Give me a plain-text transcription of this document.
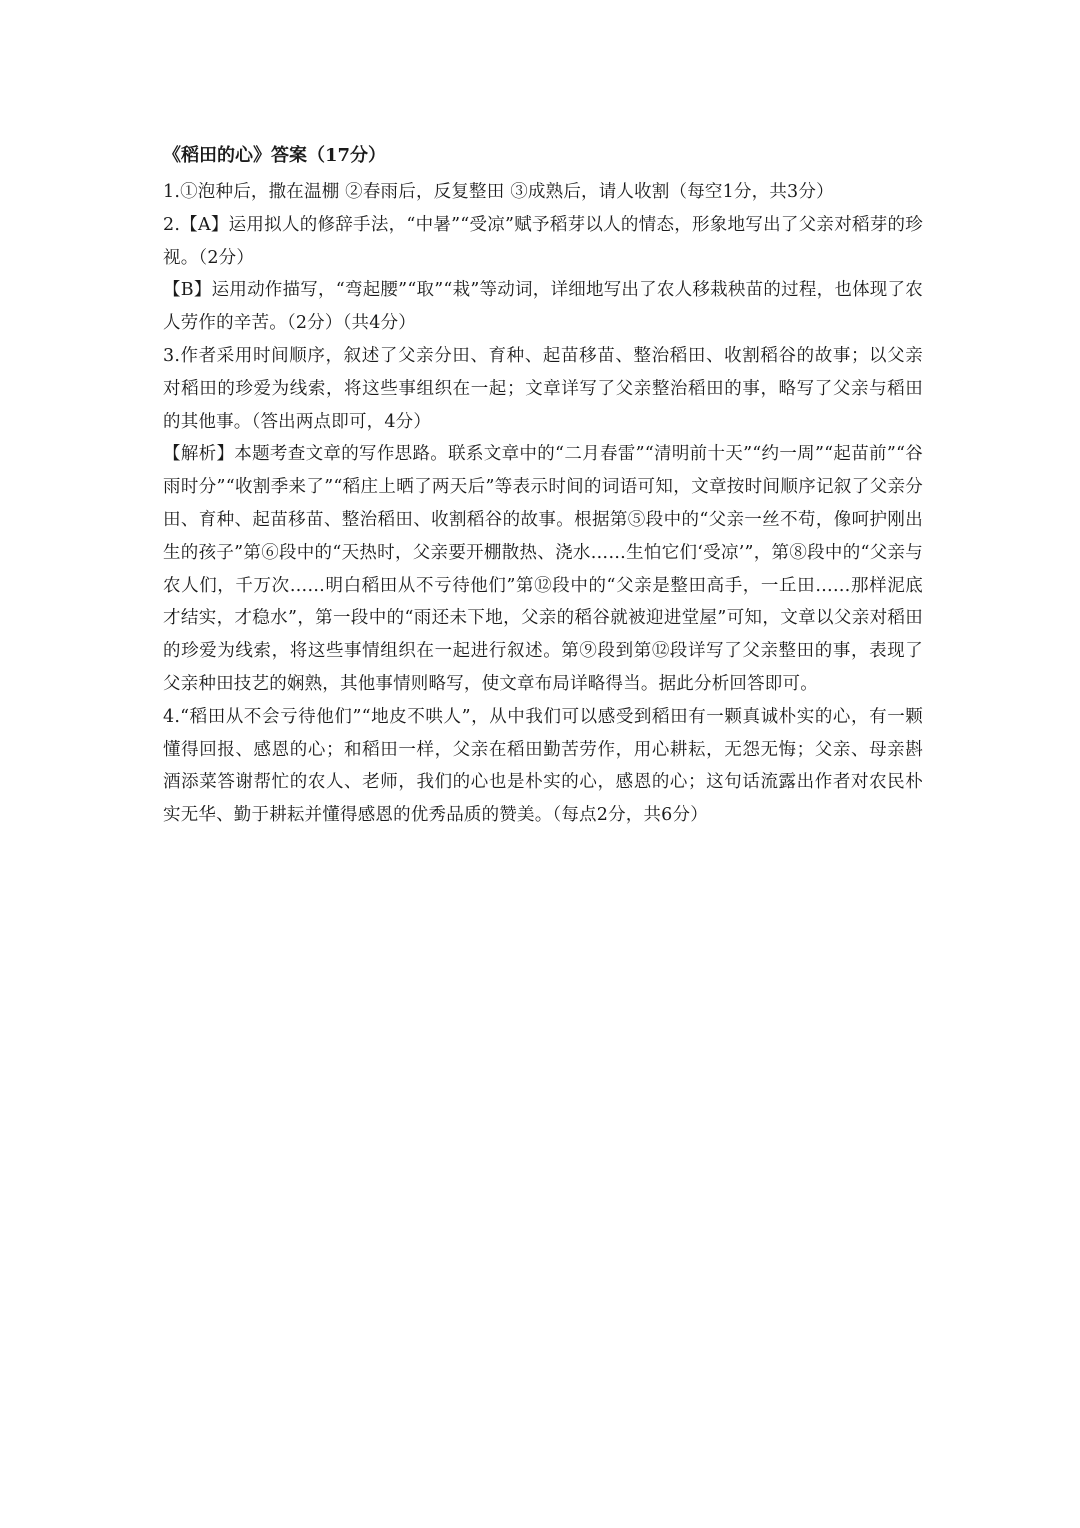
《稻田的心》答案（17分）

1.①泡种后，撒在温棚 ②春雨后，反复整田 ③成熟后，请人收割（每空1分，共3分）

2.【A】运用拟人的修辞手法，“中暑”“受凉”赋予稻芽以人的情态，形象地写出了父亲对稻芽的珍视。（2分）

【B】运用动作描写，“弯起腰”“取”“栽”等动词，详细地写出了农人移栽秧苗的过程，也体现了农人劳作的辛苦。（2分）（共4分）

3.作者采用时间顺序，叙述了父亲分田、育种、起苗移苗、整治稻田、收割稻谷的故事；以父亲对稻田的珍爱为线索，将这些事组织在一起；文章详写了父亲整治稻田的事，略写了父亲与稻田的其他事。（答出两点即可，4分）

【解析】本题考查文章的写作思路。联系文章中的“二月春雷”“清明前十天”“约一周”“起苗前”“谷雨时分”“收割季来了”“稻庄上晒了两天后”等表示时间的词语可知，文章按时间顺序记叙了父亲分田、育种、起苗移苗、整治稻田、收割稻谷的故事。根据第⑤段中的“父亲一丝不苟，像呵护刚出生的孩子”第⑥段中的“天热时，父亲要开棚散热、浇水……生怕它们‘受凉’”，第⑧段中的“父亲与农人们，千万次……明白稻田从不亏待他们”第⑫段中的“父亲是整田高手，一丘田……那样泥底才结实，才稳水”，第一段中的“雨还未下地，父亲的稻谷就被迎进堂屋”可知，文章以父亲对稻田的珍爱为线索，将这些事情组织在一起进行叙述。第⑨段到第⑫段详写了父亲整田的事，表现了父亲种田技艺的娴熟，其他事情则略写，使文章布局详略得当。据此分析回答即可。

4.“稻田从不会亏待他们”“地皮不哄人”，从中我们可以感受到稻田有一颗真诚朴实的心，有一颗懂得回报、感恩的心；和稻田一样，父亲在稻田勤苦劳作，用心耕耘，无怨无悔；父亲、母亲斟酒添菜答谢帮忙的农人、老师，我们的心也是朴实的心，感恩的心；这句话流露出作者对农民朴实无华、勤于耕耘并懂得感恩的优秀品质的赞美。（每点2分，共6分）
